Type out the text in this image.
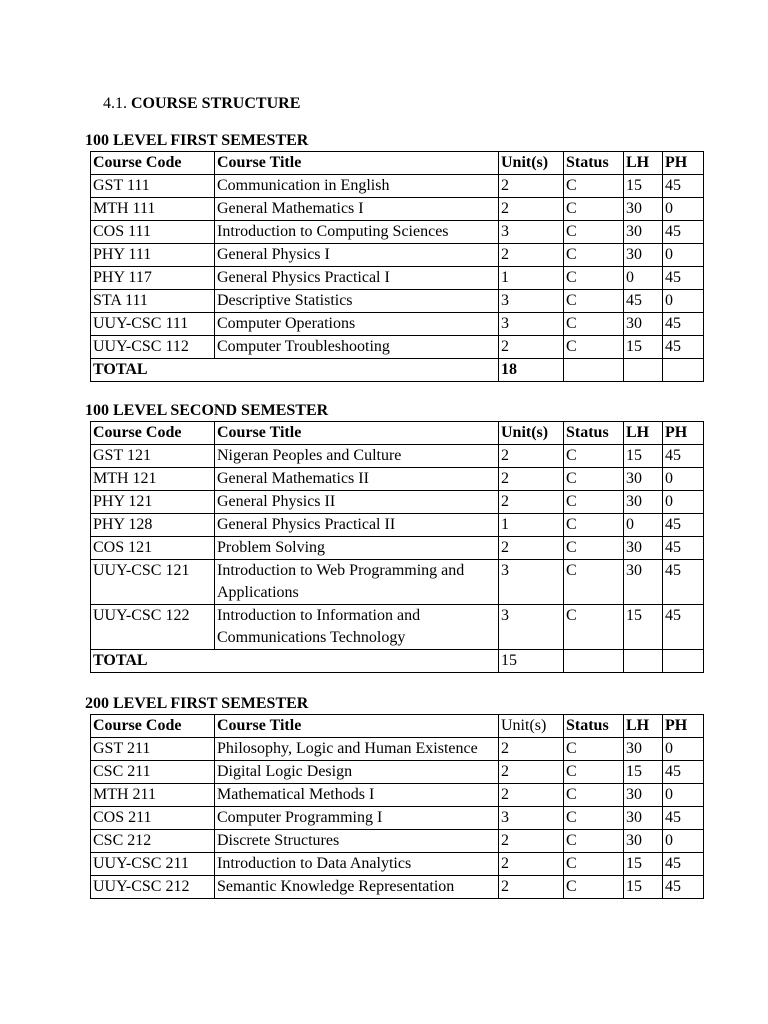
4.1. COURSE STRUCTURE
100 LEVEL FIRST SEMESTER
Course Code	Course Title	Unit(s)	Status	LH	PH
GST 111	Communication in English	2	C	15	45
MTH 111	General Mathematics I	2	C	30	0
COS 111	Introduction to Computing Sciences	3	C	30	45
PHY 111	General Physics I	2	C	30	0
PHY 117	General Physics Practical I	1	C	0	45
STA 111	Descriptive Statistics	3	C	45	0
UUY-CSC 111	Computer Operations	3	C	30	45
UUY-CSC 112	Computer Troubleshooting	2	C	15	45
TOTAL		18			
100 LEVEL SECOND SEMESTER
Course Code	Course Title	Unit(s)	Status	LH	PH
GST 121	Nigeran Peoples and Culture	2	C	15	45
MTH 121	General Mathematics II	2	C	30	0
PHY 121	General Physics II	2	C	30	0
PHY 128	General Physics Practical II	1	C	0	45
COS 121	Problem Solving	2	C	30	45
UUY-CSC 121	Introduction to Web Programming and Applications	3	C	30	45
UUY-CSC 122	Introduction to Information and Communications Technology	3	C	15	45
TOTAL		15			
200 LEVEL FIRST SEMESTER
Course Code	Course Title	Unit(s)	Status	LH	PH
GST 211	Philosophy, Logic and Human Existence	2	C	30	0
CSC 211	Digital Logic Design	2	C	15	45
MTH 211	Mathematical Methods I	2	C	30	0
COS 211	Computer Programming I	3	C	30	45
CSC 212	Discrete Structures	2	C	30	0
UUY-CSC 211	Introduction to Data Analytics	2	C	15	45
UUY-CSC 212	Semantic Knowledge Representation	2	C	15	45
